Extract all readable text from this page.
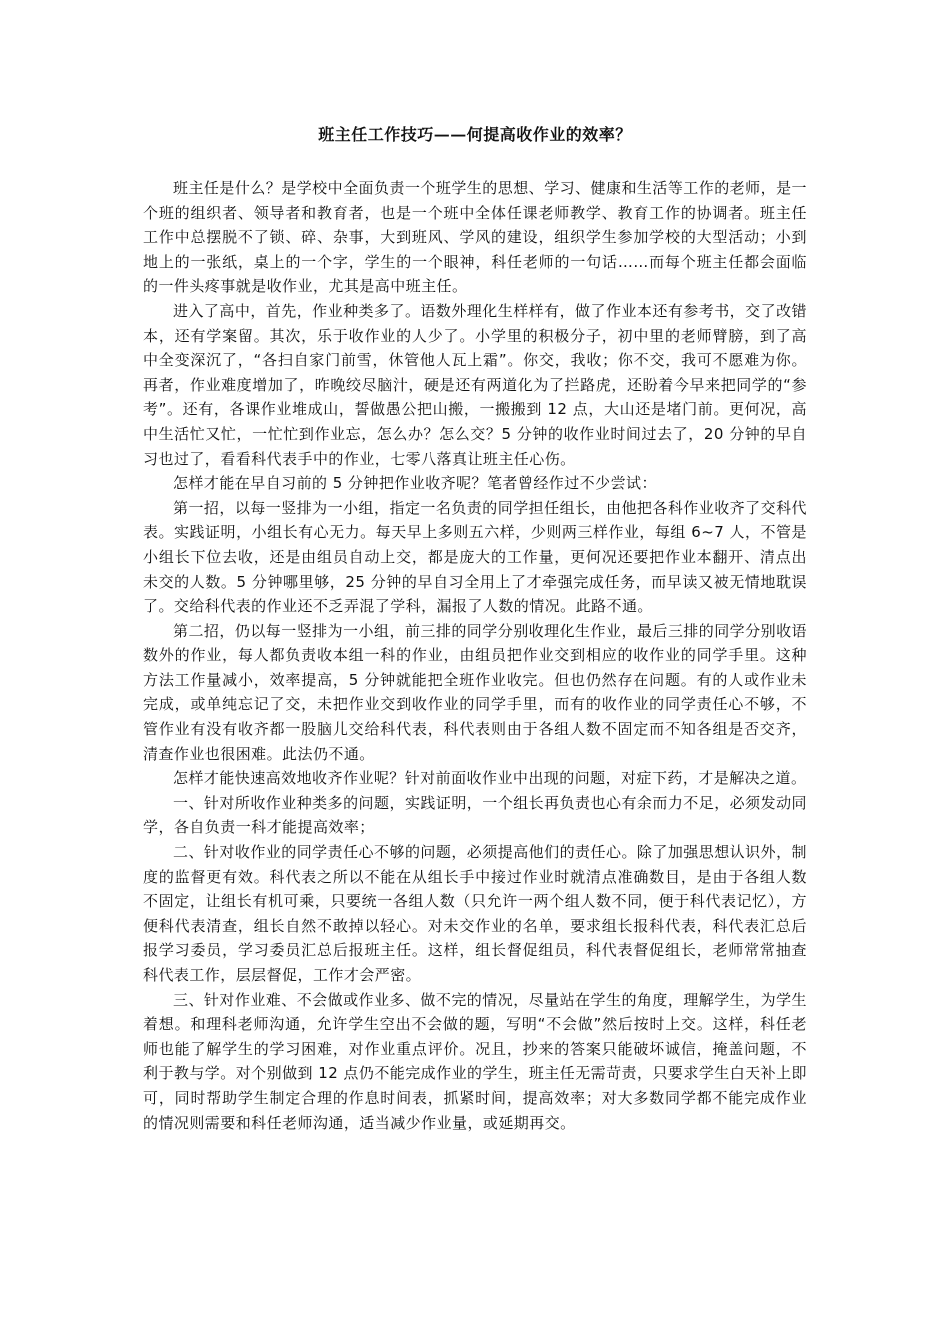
班主任工作技巧——何提高收作业的效率？

班主任是什么？是学校中全面负责一个班学生的思想、学习、健康和生活等工作的老师，是一个班的组织者、领导者和教育者，也是一个班中全体任课老师教学、教育工作的协调者。班主任工作中总摆脱不了锁、碎、杂事，大到班风、学风的建设，组织学生参加学校的大型活动；小到地上的一张纸，桌上的一个字，学生的一个眼神，科任老师的一句话……而每个班主任都会面临的一件头疼事就是收作业，尤其是高中班主任。

进入了高中，首先，作业种类多了。语数外理化生样样有，做了作业本还有参考书，交了改错本，还有学案留。其次，乐于收作业的人少了。小学里的积极分子，初中里的老师臂膀，到了高中全变深沉了，“各扫自家门前雪，休管他人瓦上霜”。你交，我收；你不交，我可不愿难为你。再者，作业难度增加了，昨晚绞尽脑汁，硬是还有两道化为了拦路虎，还盼着今早来把同学的“参考”。还有，各课作业堆成山，誓做愚公把山搬，一搬搬到 12 点，大山还是堵门前。更何况，高中生活忙又忙，一忙忙到作业忘，怎么办？怎么交？5 分钟的收作业时间过去了，20 分钟的早自习也过了，看看科代表手中的作业，七零八落真让班主任心伤。

怎样才能在早自习前的 5 分钟把作业收齐呢？笔者曾经作过不少尝试：

第一招，以每一竖排为一小组，指定一名负责的同学担任组长，由他把各科作业收齐了交科代表。实践证明，小组长有心无力。每天早上多则五六样，少则两三样作业，每组 6~7 人，不管是小组长下位去收，还是由组员自动上交，都是庞大的工作量，更何况还要把作业本翻开、清点出未交的人数。5 分钟哪里够，25 分钟的早自习全用上了才牵强完成任务，而早读又被无情地耽误了。交给科代表的作业还不乏弄混了学科，漏报了人数的情况。此路不通。

第二招，仍以每一竖排为一小组，前三排的同学分别收理化生作业，最后三排的同学分别收语数外的作业，每人都负责收本组一科的作业，由组员把作业交到相应的收作业的同学手里。这种方法工作量减小，效率提高，5 分钟就能把全班作业收完。但也仍然存在问题。有的人或作业未完成，或单纯忘记了交，未把作业交到收作业的同学手里，而有的收作业的同学责任心不够，不管作业有没有收齐都一股脑儿交给科代表，科代表则由于各组人数不固定而不知各组是否交齐，清查作业也很困难。此法仍不通。

怎样才能快速高效地收齐作业呢？针对前面收作业中出现的问题，对症下药，才是解决之道。

一、针对所收作业种类多的问题，实践证明，一个组长再负责也心有余而力不足，必须发动同学，各自负责一科才能提高效率；

二、针对收作业的同学责任心不够的问题，必须提高他们的责任心。除了加强思想认识外，制度的监督更有效。科代表之所以不能在从组长手中接过作业时就清点准确数目，是由于各组人数不固定，让组长有机可乘，只要统一各组人数（只允许一两个组人数不同，便于科代表记忆），方便科代表清查，组长自然不敢掉以轻心。对未交作业的名单，要求组长报科代表，科代表汇总后报学习委员，学习委员汇总后报班主任。这样，组长督促组员，科代表督促组长，老师常常抽查科代表工作，层层督促，工作才会严密。

三、针对作业难、不会做或作业多、做不完的情况，尽量站在学生的角度，理解学生，为学生着想。和理科老师沟通，允许学生空出不会做的题，写明“不会做”然后按时上交。这样，科任老师也能了解学生的学习困难，对作业重点评价。况且，抄来的答案只能破坏诚信，掩盖问题，不利于教与学。对个别做到 12 点仍不能完成作业的学生，班主任无需苛责，只要求学生白天补上即可，同时帮助学生制定合理的作息时间表，抓紧时间，提高效率；对大多数同学都不能完成作业的情况则需要和科任老师沟通，适当减少作业量，或延期再交。
